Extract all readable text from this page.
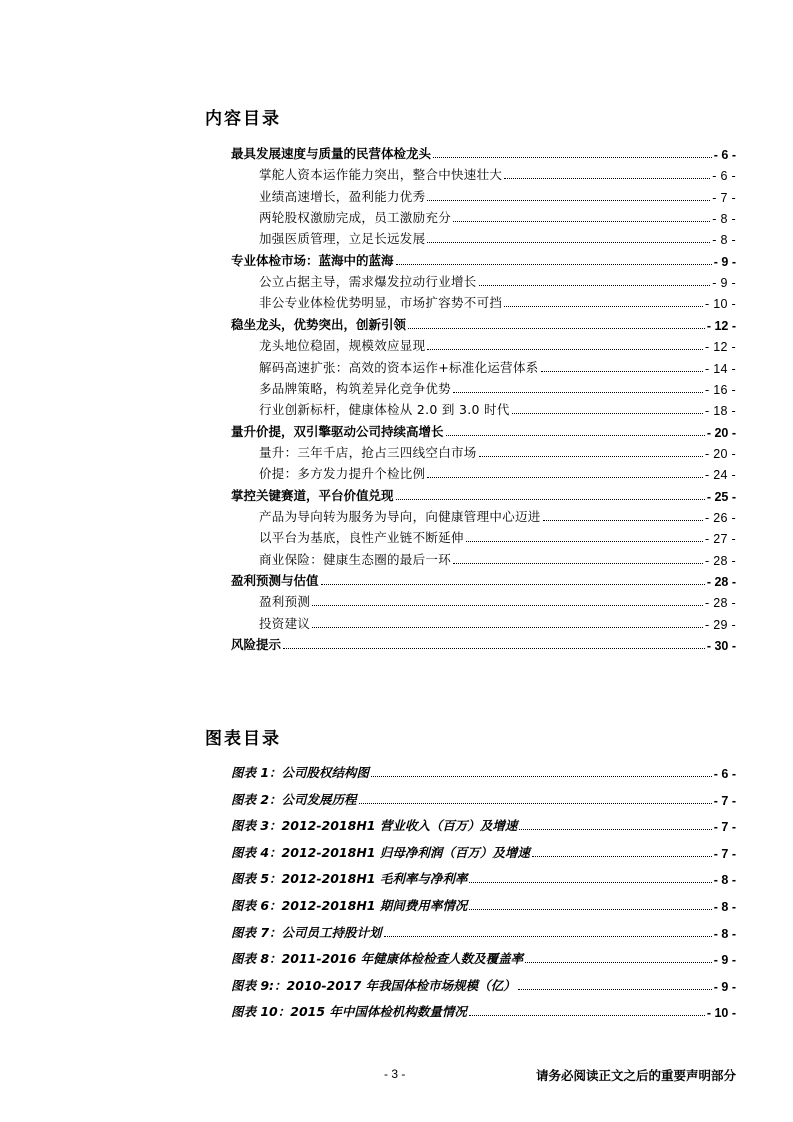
内容目录
最具发展速度与质量的民营体检龙头	- 6 -
掌舵人资本运作能力突出，整合中快速壮大	- 6 -
业绩高速增长，盈利能力优秀	- 7 -
两轮股权激励完成，员工激励充分	- 8 -
加强医质管理，立足长远发展	- 8 -
专业体检市场：蓝海中的蓝海	- 9 -
公立占据主导，需求爆发拉动行业增长	- 9 -
非公专业体检优势明显，市场扩容势不可挡	- 10 -
稳坐龙头，优势突出，创新引领	- 12 -
龙头地位稳固，规模效应显现	- 12 -
解码高速扩张：高效的资本运作+标准化运营体系	- 14 -
多品牌策略，构筑差异化竞争优势	- 16 -
行业创新标杆，健康体检从 2.0 到 3.0 时代	- 18 -
量升价提，双引擎驱动公司持续高增长	- 20 -
量升：三年千店，抢占三四线空白市场	- 20 -
价提：多方发力提升个检比例	- 24 -
掌控关键赛道，平台价值兑现	- 25 -
产品为导向转为服务为导向，向健康管理中心迈进	- 26 -
以平台为基底，良性产业链不断延伸	- 27 -
商业保险：健康生态圈的最后一环	- 28 -
盈利预测与估值	- 28 -
盈利预测	- 28 -
投资建议	- 29 -
风险提示	- 30 -
图表目录
图表 1：公司股权结构图	- 6 -
图表 2：公司发展历程	- 7 -
图表 3：2012-2018H1 营业收入（百万）及增速	- 7 -
图表 4：2012-2018H1 归母净利润（百万）及增速	- 7 -
图表 5：2012-2018H1 毛利率与净利率	- 8 -
图表 6：2012-2018H1 期间费用率情况	- 8 -
图表 7：公司员工持股计划	- 8 -
图表 8：2011-2016 年健康体检检查人数及覆盖率	- 9 -
图表 9:：2010-2017 年我国体检市场规模（亿）	- 9 -
图表 10：2015 年中国体检机构数量情况	- 10 -
- 3 -	请务必阅读正文之后的重要声明部分
